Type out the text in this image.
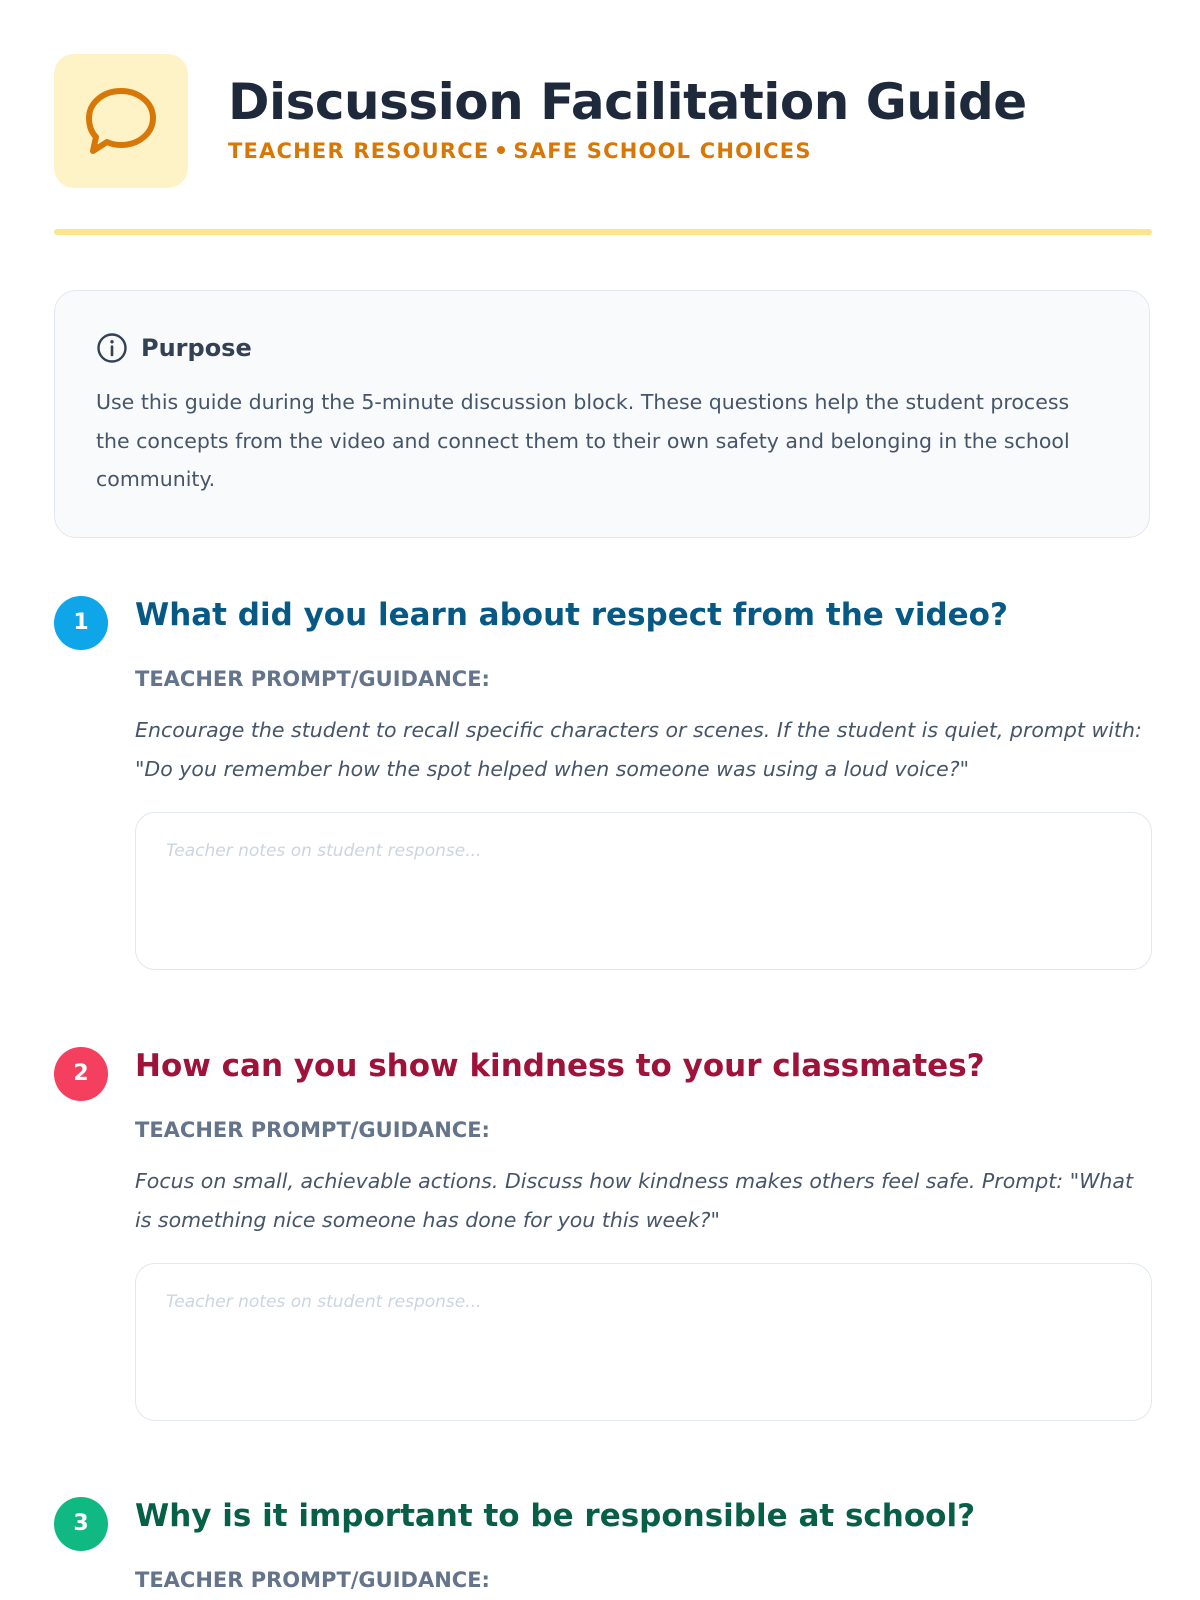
Discussion Facilitation Guide
TEACHER RESOURCE SAFE SCHOOL CHOICES
Purpose

Use this guide during the 5-minute discussion block. These questions help the student process the concepts from the video and connect them to their own safety and belonging in the school community.

1	What did you learn about respect from the video?
TEACHER PROMPT/GUIDANCE:

Encourage the student to recall specific characters or scenes. If the student is quiet, prompt with: "Do you remember how the spot helped when someone was using a loud voice?"

Teacher notes on student response...
2	How can you show kindness to your classmates?
TEACHER PROMPT/GUIDANCE:

Focus on small, achievable actions. Discuss how kindness makes others feel safe. Prompt: "What is something nice someone has done for you this week?"

Teacher notes on student response...
3	Why is it important to be responsible at school?
TEACHER PROMPT/GUIDANCE:
